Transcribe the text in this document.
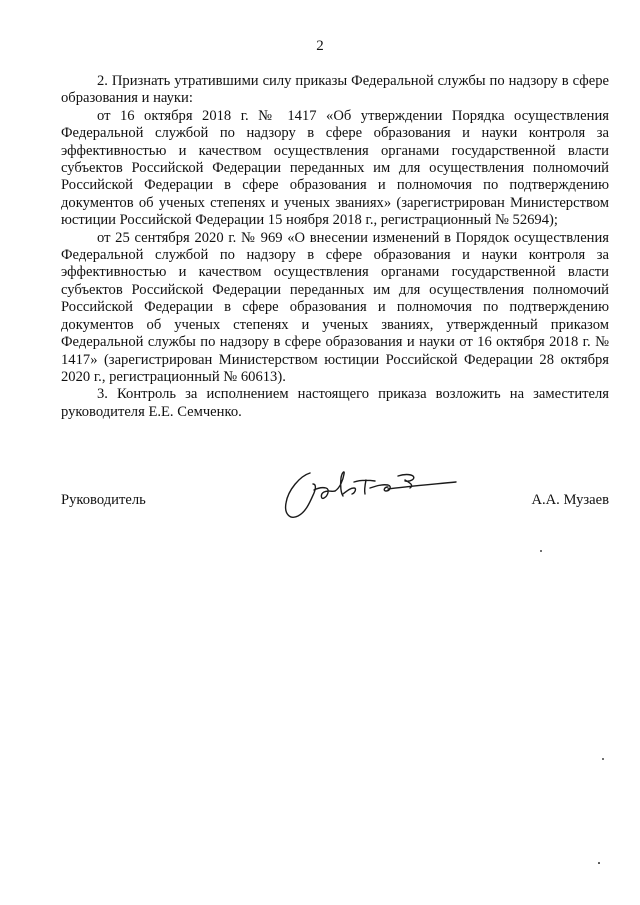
2

2. Признать утратившими силу приказы Федеральной службы по надзору в сфере образования и науки:

от 16 октября 2018 г. № 1417 «Об утверждении Порядка осуществления Федеральной службой по надзору в сфере образования и науки контроля за эффективностью и качеством осуществления органами государственной власти субъектов Российской Федерации переданных им для осуществления полномочий Российской Федерации в сфере образования и полномочия по подтверждению документов об ученых степенях и ученых званиях» (зарегистрирован Министерством юстиции Российской Федерации 15 ноября 2018 г., регистрационный № 52694);

от 25 сентября 2020 г. № 969 «О внесении изменений в Порядок осуществления Федеральной службой по надзору в сфере образования и науки контроля за эффективностью и качеством осуществления органами государственной власти субъектов Российской Федерации переданных им для осуществления полномочий Российской Федерации в сфере образования и полномочия по подтверждению документов об ученых степенях и ученых званиях, утвержденный приказом Федеральной службы по надзору в сфере образования и науки от 16 октября 2018 г. № 1417» (зарегистрирован Министерством юстиции Российской Федерации 28 октября 2020 г., регистрационный № 60613).

3. Контроль за исполнением настоящего приказа возложить на заместителя руководителя Е.Е. Семченко.

Руководитель	А.А. Музаев
